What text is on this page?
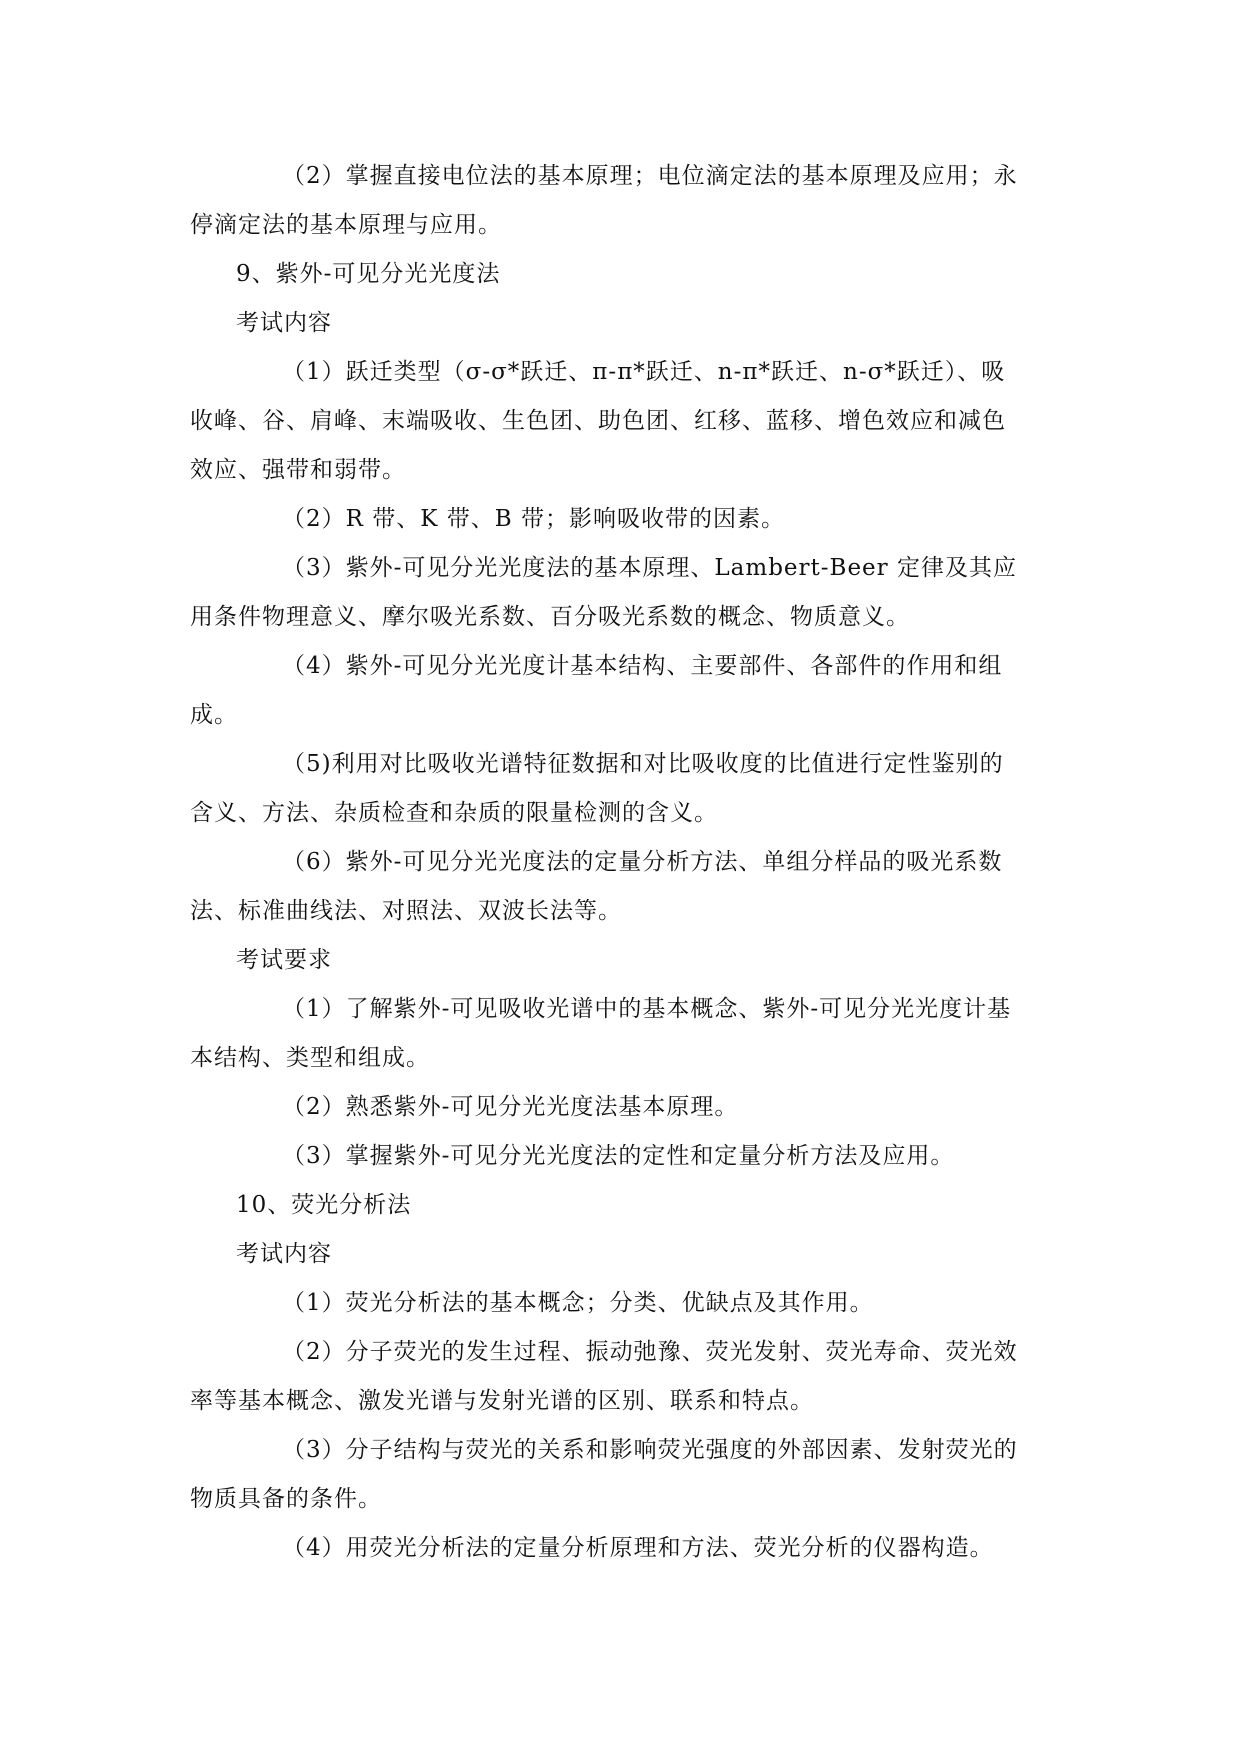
（2）掌握直接电位法的基本原理；电位滴定法的基本原理及应用；永停滴定法的基本原理与应用。

9、紫外-可见分光光度法

考试内容

（1）跃迁类型（σ-σ*跃迁、π-π*跃迁、n-π*跃迁、n-σ*跃迁）、吸收峰、谷、肩峰、末端吸收、生色团、助色团、红移、蓝移、增色效应和减色效应、强带和弱带。

（2）R 带、K 带、B 带；影响吸收带的因素。

（3）紫外-可见分光光度法的基本原理、Lambert-Beer 定律及其应用条件物理意义、摩尔吸光系数、百分吸光系数的概念、物质意义。

（4）紫外-可见分光光度计基本结构、主要部件、各部件的作用和组成。

（5)利用对比吸收光谱特征数据和对比吸收度的比值进行定性鉴别的含义、方法、杂质检查和杂质的限量检测的含义。

（6）紫外-可见分光光度法的定量分析方法、单组分样品的吸光系数法、标准曲线法、对照法、双波长法等。

考试要求

（1）了解紫外-可见吸收光谱中的基本概念、紫外-可见分光光度计基本结构、类型和组成。

（2）熟悉紫外-可见分光光度法基本原理。

（3）掌握紫外-可见分光光度法的定性和定量分析方法及应用。

10、荧光分析法

考试内容

（1）荧光分析法的基本概念；分类、优缺点及其作用。

（2）分子荧光的发生过程、振动弛豫、荧光发射、荧光寿命、荧光效率等基本概念、激发光谱与发射光谱的区别、联系和特点。

（3）分子结构与荧光的关系和影响荧光强度的外部因素、发射荧光的物质具备的条件。

（4）用荧光分析法的定量分析原理和方法、荧光分析的仪器构造。
